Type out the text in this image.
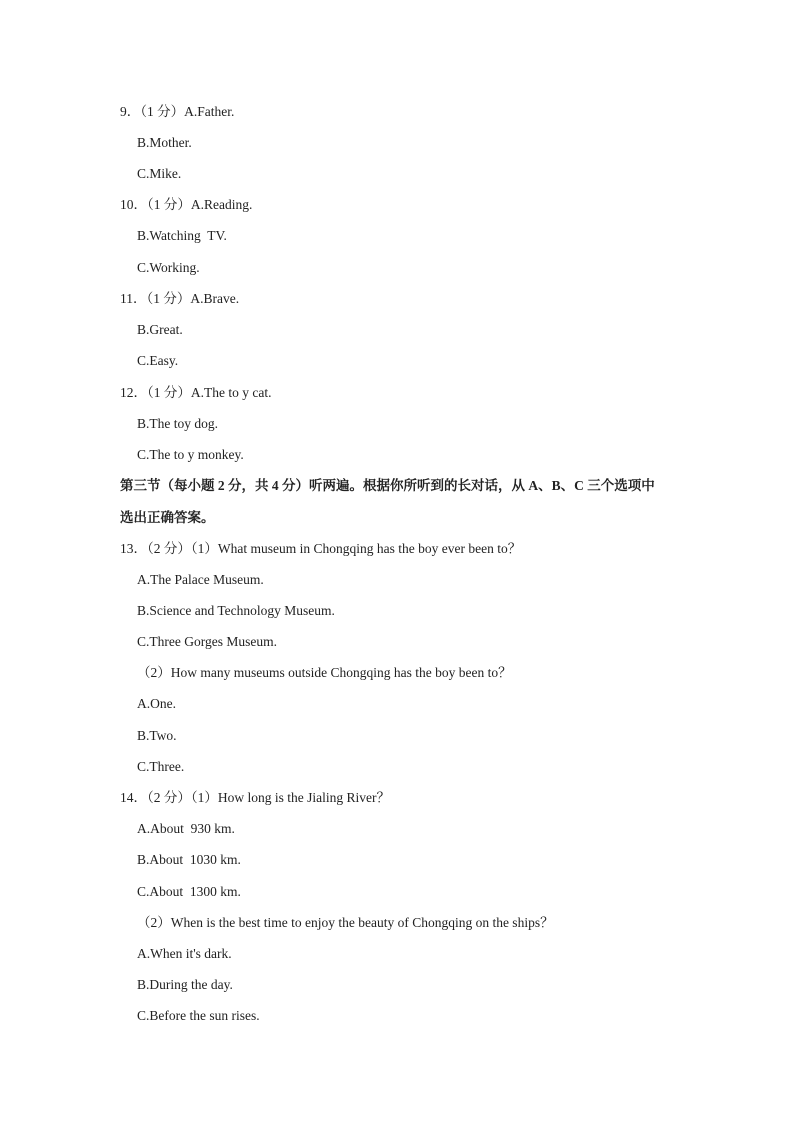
9．（1 分）A.Father.
B.Mother.
C.Mike.
10．（1 分）A.Reading.
B.Watching  TV.
C.Working.
11．（1 分）A.Brave.
B.Great.
C.Easy.
12．（1 分）A.The to y cat.
B.The toy dog.
C.The to y monkey.
第三节（每小题 2 分，共 4 分）听两遍。根据你所听到的长对话，从 A、B、C 三个选项中
选出正确答案。
13．（2 分）（1）What museum in Chongqing has the boy ever been to？
A.The Palace Museum.
B.Science and Technology Museum.
C.Three Gorges Museum.
（2）How many museums outside Chongqing has the boy been to？
A.One.
B.Two.
C.Three.
14．（2 分）（1）How long is the Jialing River？
A.About  930 km.
B.About  1030 km.
C.About  1300 km.
（2）When is the best time to enjoy the beauty of Chongqing on the ships？
A.When it's dark.
B.During the day.
C.Before the sun rises.
